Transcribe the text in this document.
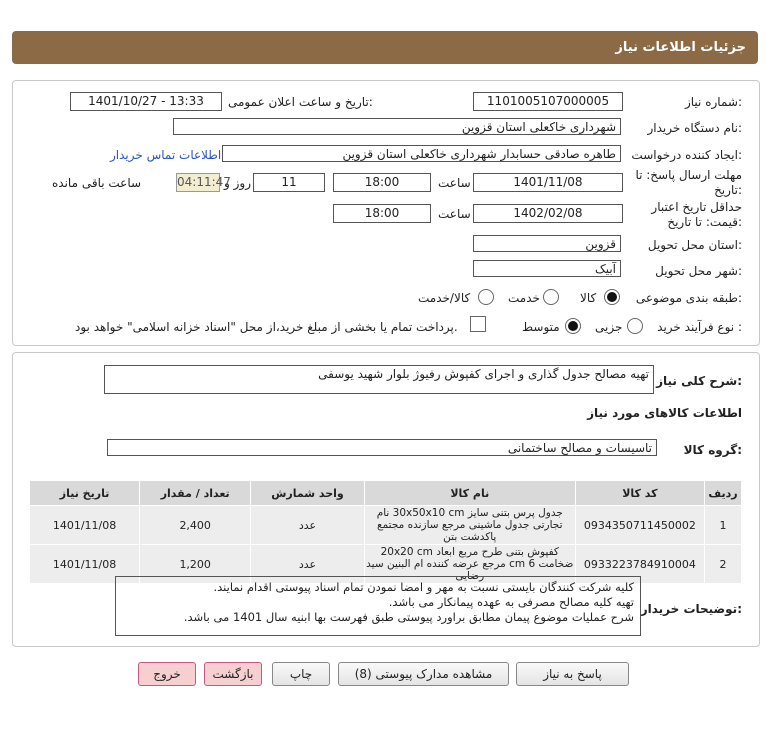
جزئیات اطلاعات نیاز
شماره نیاز:
1101005107000005
تاریخ و ساعت اعلان عمومی:
1401/10/27 - 13:33
نام دستگاه خریدار:
شهرداری خاکعلی استان قزوین
ایجاد کننده درخواست:
طاهره صادقی حسابدار شهرداری خاکعلی استان قزوین
اطلاعات تماس خریدار
مهلت ارسال پاسخ: تا
تاریخ:
1401/11/08
ساعت
18:00
11
روز و
04:11:47
ساعت باقی مانده
حداقل تاریخ اعتبار
قیمت: تا تاریخ:
1402/02/08
ساعت
18:00
استان محل تحویل:
قزوین
شهر محل تحویل:
آبیک
طبقه بندی موضوعی:
کالا
خدمت
کالا/خدمت
نوع فرآیند خرید :
جزیی
متوسط
پرداخت تمام یا بخشی از مبلغ خرید،از محل "اسناد خزانه اسلامی" خواهد بود.
شرح کلی نیاز:
تهیه مصالح جدول گذاری و اجرای کفپوش رفیوژ بلوار شهید یوسفی
اطلاعات کالاهای مورد نیاز
گروه کالا:
تاسیسات و مصالح ساختمانی
ردیف	کد کالا	نام کالا	واحد شمارش	تعداد / مقدار	تاریخ نیاز
1	0934350711450002	جدول پرس بتنی سایز 30x50x10 cm نام تجارتی جدول ماشینی مرجع سازنده مجتمع پاکدشت بتن	عدد	2,400	1401/11/08
2	0933223784910004	کفپوش بتنی طرح مربع ابعاد 20x20 cm ضخامت 6 cm مرجع عرضه کننده ام البنین سید رضایی	عدد	1,200	1401/11/08
توضیحات خریدار:
کلیه شرکت کنندگان بایستی نسبت به مهر و امضا نمودن تمام اسناد پیوستی اقدام نمایند.
تهیه کلیه مصالح مصرفی به عهده پیمانکار می باشد.
شرح عملیات موضوع پیمان مطابق براورد پیوستی طبق فهرست بها ابنیه سال 1401 می باشد.
پاسخ به نیاز
مشاهده مدارک پیوستی (8)
چاپ
بازگشت
خروج
